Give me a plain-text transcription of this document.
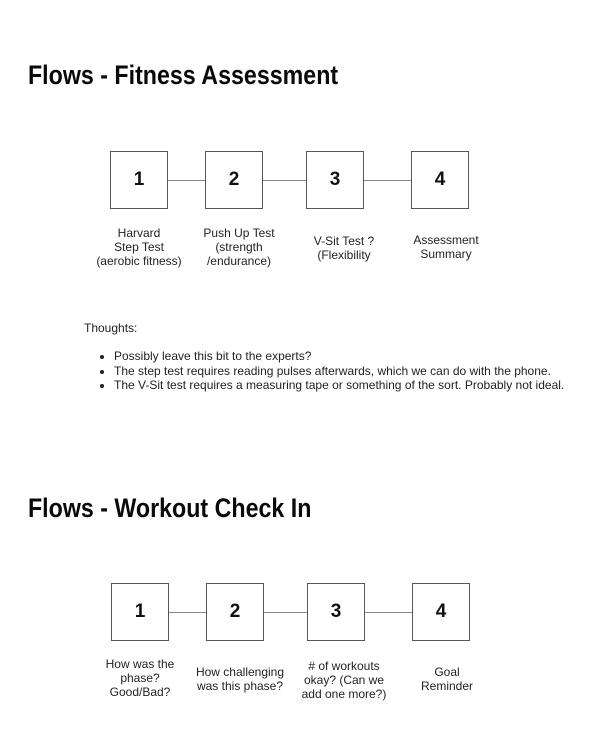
Flows - Fitness Assessment
1	2	3	4
Harvard
Step Test
(aerobic fitness)
Push Up Test
(strength
/endurance)
V-Sit Test ?
(Flexibility
Assessment
Summary

Thoughts:

• Possibly leave this bit to the experts?
• The step test requires reading pulses afterwards, which we can do with the phone.
• The V-Sit test requires a measuring tape or something of the sort. Probably not ideal.
Flows - Workout Check In
1	2	3	4
How was the
phase?
Good/Bad?
How challenging
was this phase?
# of workouts
okay? (Can we
add one more?)
Goal
Reminder
